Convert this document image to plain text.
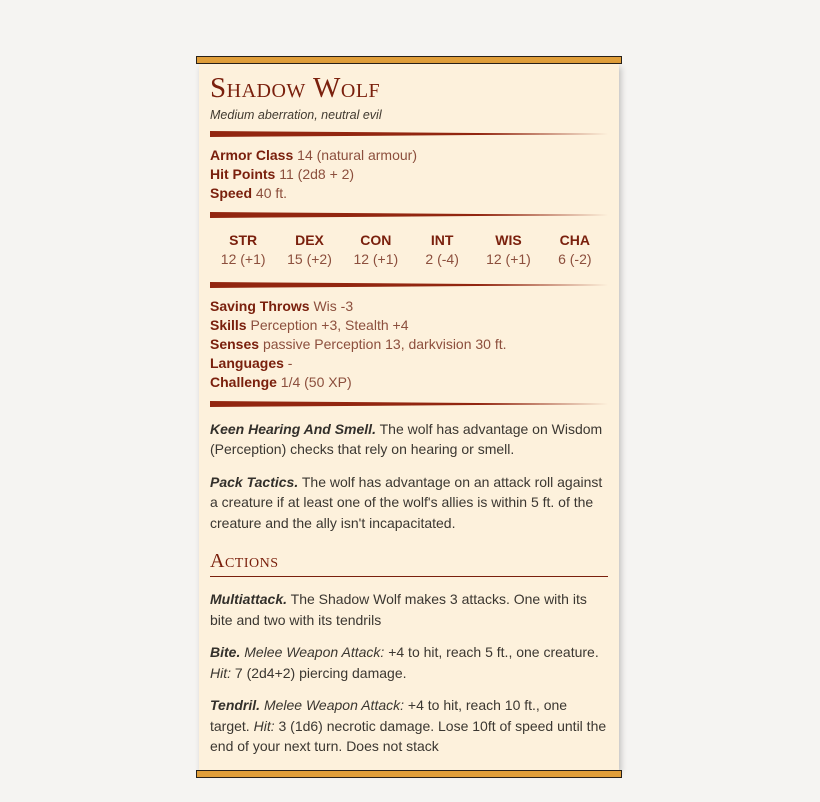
Shadow Wolf
Medium aberration, neutral evil
Armor Class 14 (natural armour)
Hit Points 11 (2d8 + 2)
Speed 40 ft.
STR
12 (+1)
DEX
15 (+2)
CON
12 (+1)
INT
2 (-4)
WIS
12 (+1)
CHA
6 (-2)
Saving Throws Wis -3
Skills Perception +3, Stealth +4
Senses passive Perception 13, darkvision 30 ft.
Languages -
Challenge 1/4 (50 XP)

Keen Hearing And Smell. The wolf has advantage on Wisdom (Perception) checks that rely on hearing or smell.

Pack Tactics. The wolf has advantage on an attack roll against a creature if at least one of the wolf's allies is within 5 ft. of the creature and the ally isn't incapacitated.

Actions

Multiattack. The Shadow Wolf makes 3 attacks. One with its bite and two with its tendrils

Bite. Melee Weapon Attack: +4 to hit, reach 5 ft., one creature. Hit: 7 (2d4+2) piercing damage.

Tendril. Melee Weapon Attack: +4 to hit, reach 10 ft., one target. Hit: 3 (1d6) necrotic damage. Lose 10ft of speed until the end of your next turn. Does not stack
